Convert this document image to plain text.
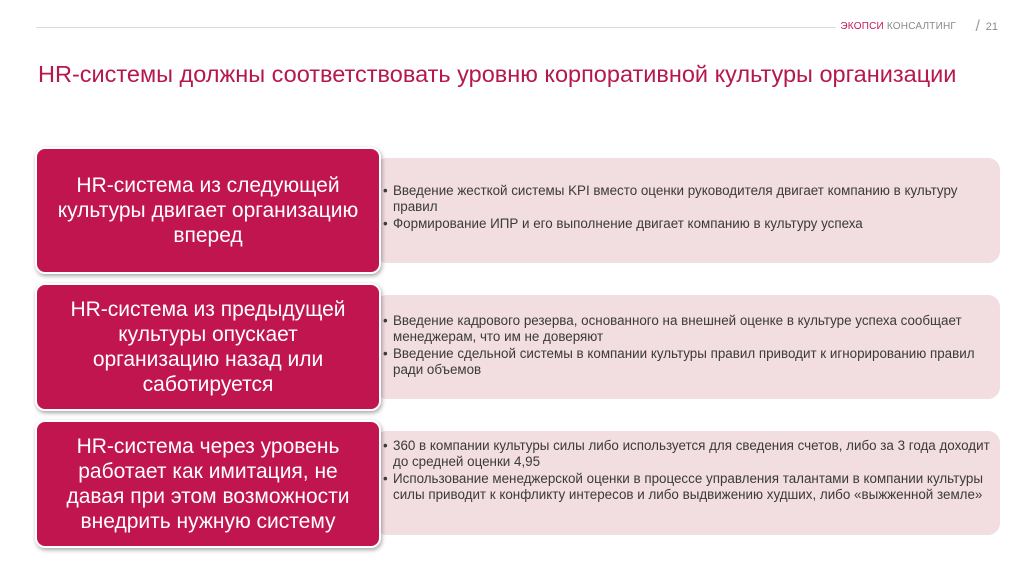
ЭКОПСИ КОНСАЛТИНГ / 21
HR-системы должны соответствовать уровню корпоративной культуры организации
HR-система из следующей культуры двигает организацию вперед
• Введение жесткой системы KPI вместо оценки руководителя двигает компанию в культуру правил
• Формирование ИПР и его выполнение двигает компанию в культуру успеха
HR-система из предыдущей культуры опускает организацию назад или саботируется
• Введение кадрового резерва, основанного на внешней оценке в культуре успеха сообщает менеджерам, что им не доверяют
• Введение сдельной системы в компании культуры правил приводит к игнорированию правил ради объемов
HR-система через уровень работает как имитация, не давая при этом возможности внедрить нужную систему
• 360 в компании культуры силы либо используется для сведения счетов, либо за 3 года доходит до средней оценки 4,95
• Использование менеджерской оценки в процессе управления талантами в компании культуры силы приводит к конфликту интересов и либо выдвижению худших, либо «выжженной земле»
